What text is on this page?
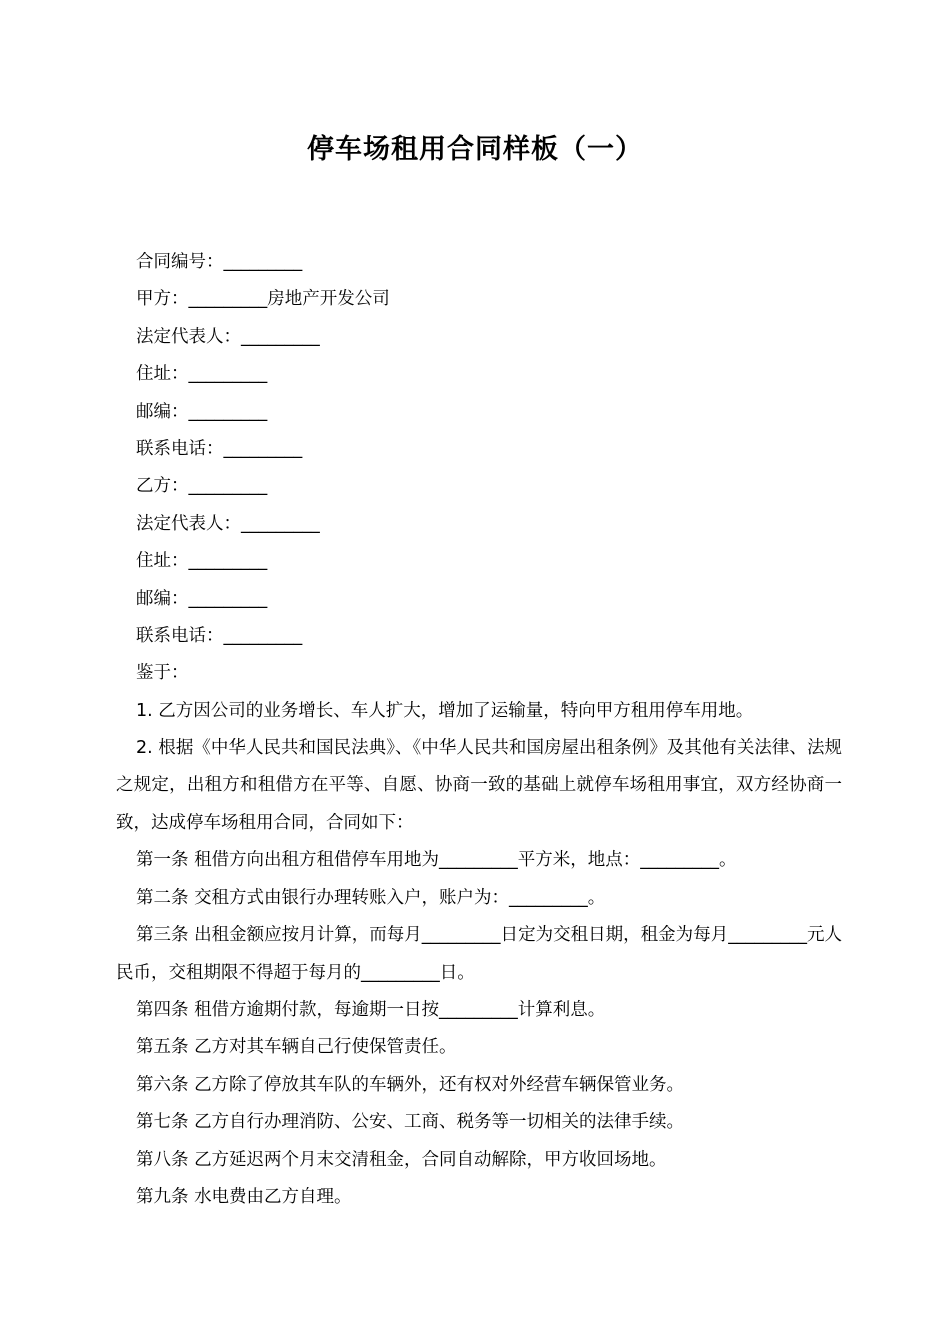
停车场租用合同样板（一）
合同编号：_________
甲方：_________房地产开发公司
法定代表人：_________
住址：_________
邮编：_________
联系电话：_________
乙方：_________
法定代表人：_________
住址：_________
邮编：_________
联系电话：_________
鉴于：
1. 乙方因公司的业务增长、车人扩大，增加了运输量，特向甲方租用停车用地。
2. 根据《中华人民共和国民法典》、《中华人民共和国房屋出租条例》及其他有关法律、法规之规定，出租方和租借方在平等、自愿、协商一致的基础上就停车场租用事宜，双方经协商一致，达成停车场租用合同，合同如下：
第一条 租借方向出租方租借停车用地为_________平方米，地点：_________。
第二条 交租方式由银行办理转账入户，账户为：_________。
第三条 出租金额应按月计算，而每月_________日定为交租日期，租金为每月_________元人民币，交租期限不得超于每月的_________日。
第四条 租借方逾期付款，每逾期一日按_________计算利息。
第五条 乙方对其车辆自己行使保管责任。
第六条 乙方除了停放其车队的车辆外，还有权对外经营车辆保管业务。
第七条 乙方自行办理消防、公安、工商、税务等一切相关的法律手续。
第八条 乙方延迟两个月末交清租金，合同自动解除，甲方收回场地。
第九条 水电费由乙方自理。
